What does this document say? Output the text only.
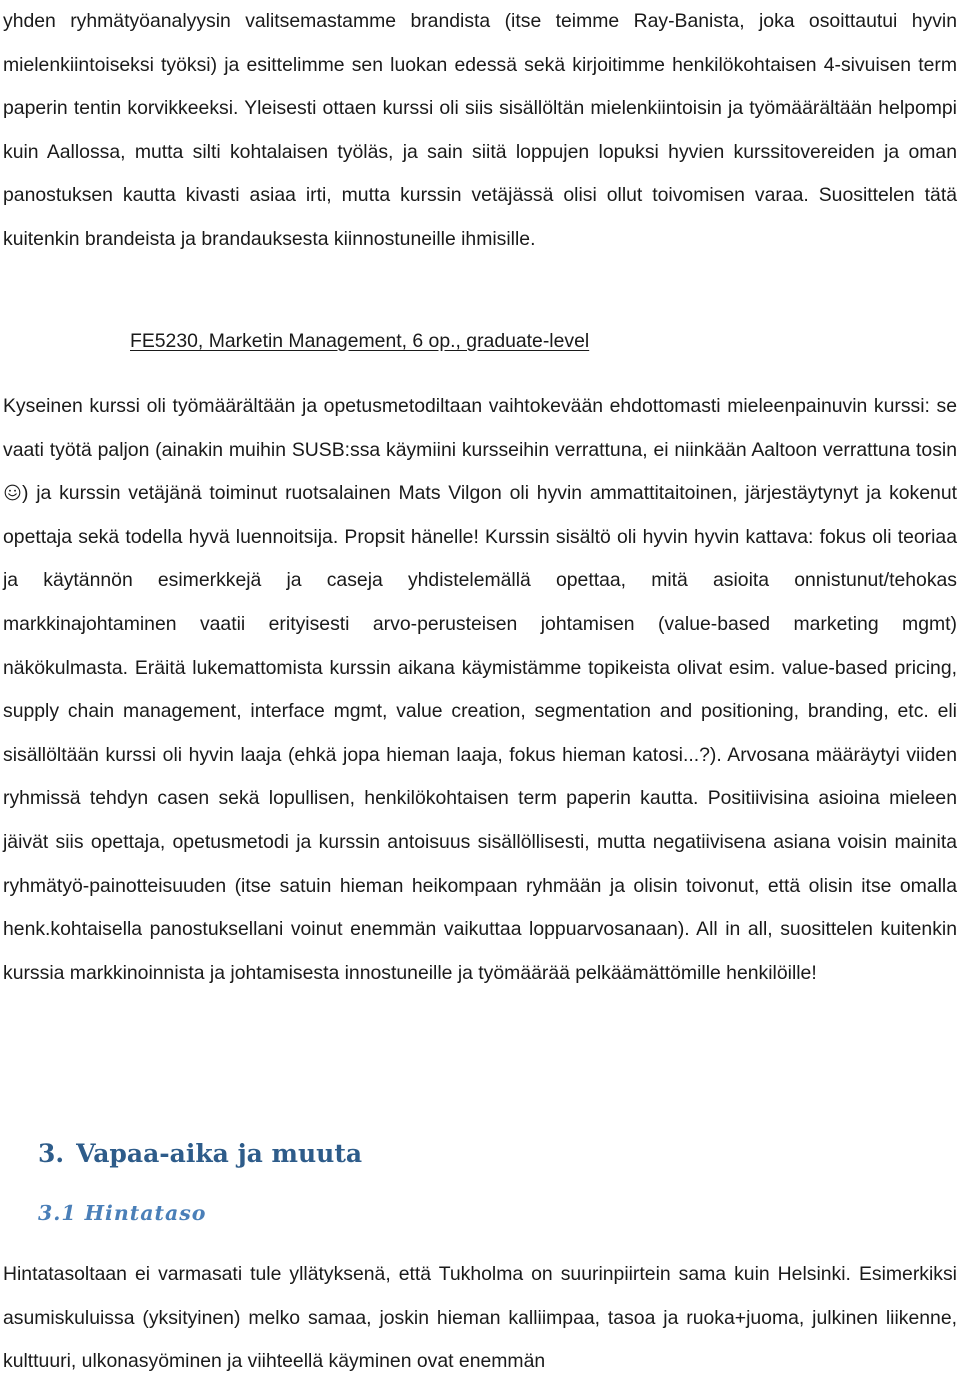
yhden ryhmätyöanalyysin valitsemastamme brandista (itse teimme Ray-Banista, joka osoittautui hyvin mielenkiintoiseksi työksi) ja esittelimme sen luokan edessä sekä kirjoitimme henkilökohtaisen 4-sivuisen term paperin tentin korvikkeeksi. Yleisesti ottaen kurssi oli siis sisällöltän mielenkiintoisin ja työmäärältään helpompi kuin Aallossa, mutta silti kohtalaisen työläs, ja sain siitä loppujen lopuksi hyvien kurssitovereiden ja oman panostuksen kautta kivasti asiaa irti, mutta kurssin vetäjässä olisi ollut toivomisen varaa. Suosittelen tätä kuitenkin brandeista ja brandauksesta kiinnostuneille ihmisille.

FE5230, Marketin Management, 6 op., graduate-level

Kyseinen kurssi oli työmäärältään ja opetusmetodiltaan vaihtokevään ehdottomasti mieleenpainuvin kurssi: se vaati työtä paljon (ainakin muihin SUSB:ssa käymiini kursseihin verrattuna, ei niinkään Aaltoon verrattuna tosin ) ja kurssin vetäjänä toiminut ruotsalainen Mats Vilgon oli hyvin ammattitaitoinen, järjestäytynyt ja kokenut opettaja sekä todella hyvä luennoitsija. Propsit hänelle! Kurssin sisältö oli hyvin hyvin kattava: fokus oli teoriaa ja käytännön esimerkkejä ja caseja yhdistelemällä opettaa, mitä asioita onnistunut/tehokas markkinajohtaminen vaatii erityisesti arvo-perusteisen johtamisen (value-based marketing mgmt) näkökulmasta. Eräitä lukemattomista kurssin aikana käymistämme topikeista olivat esim. value-based pricing, supply chain management, interface mgmt, value creation, segmentation and positioning, branding, etc. eli sisällöltään kurssi oli hyvin laaja (ehkä jopa hieman laaja, fokus hieman katosi...?). Arvosana määräytyi viiden ryhmissä tehdyn casen sekä lopullisen, henkilökohtaisen term paperin kautta. Positiivisina asioina mieleen jäivät siis opettaja, opetusmetodi ja kurssin antoisuus sisällöllisesti, mutta negatiivisena asiana voisin mainita ryhmätyö-painotteisuuden (itse satuin hieman heikompaan ryhmään ja olisin toivonut, että olisin itse omalla henk.kohtaisella panostuksellani voinut enemmän vaikuttaa loppuarvosanaan). All in all, suosittelen kuitenkin kurssia markkinoinnista ja johtamisesta innostuneille ja työmäärää pelkäämättömille henkilöille!

3. Vapaa-aika ja muuta
3.1 Hintataso

Hintatasoltaan ei varmasati tule yllätyksenä, että Tukholma on suurinpiirtein sama kuin Helsinki. Esimerkiksi asumiskuluissa (yksityinen) melko samaa, joskin hieman kalliimpaa, tasoa ja ruoka+juoma, julkinen liikenne, kulttuuri, ulkonasyöminen ja viihteellä käyminen ovat enemmän
